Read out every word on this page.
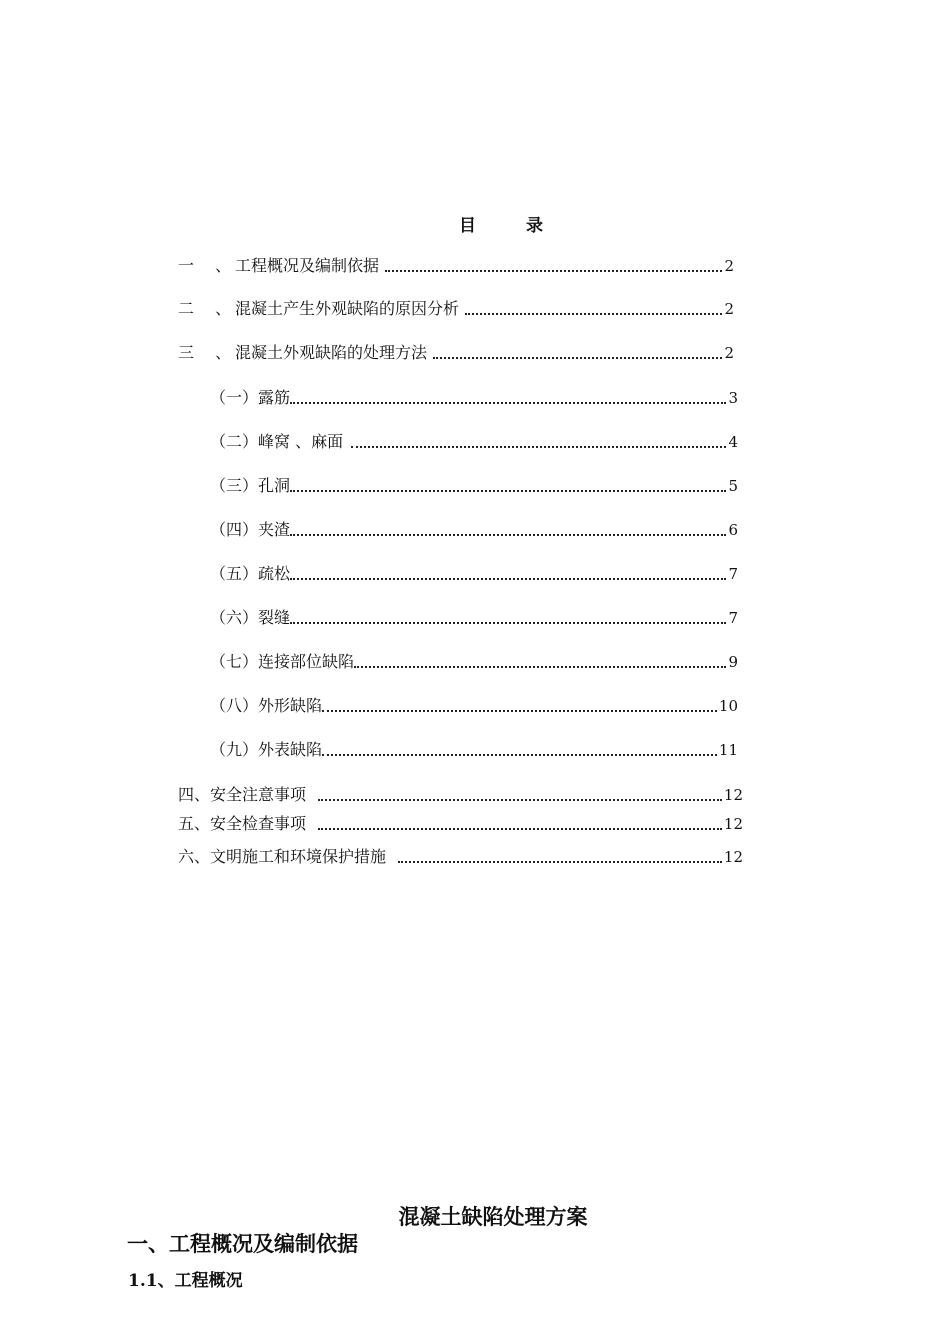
目	录
一 、工程概况及编制依据	2
二 、混凝土产生外观缺陷的原因分析	2
三 、混凝土外观缺陷的处理方法	2
（一）露筋	3
（二）峰窝 、麻面	4
（三）孔洞	5
（四）夹渣	6
（五）疏松	7
（六）裂缝	7
（七）连接部位缺陷	9
（八）外形缺陷	10
（九）外表缺陷	11
四、安全注意事项	12
五、安全检查事项	12
六、文明施工和环境保护措施	12
混凝土缺陷处理方案
一、工程概况及编制依据
1.1、工程概况
